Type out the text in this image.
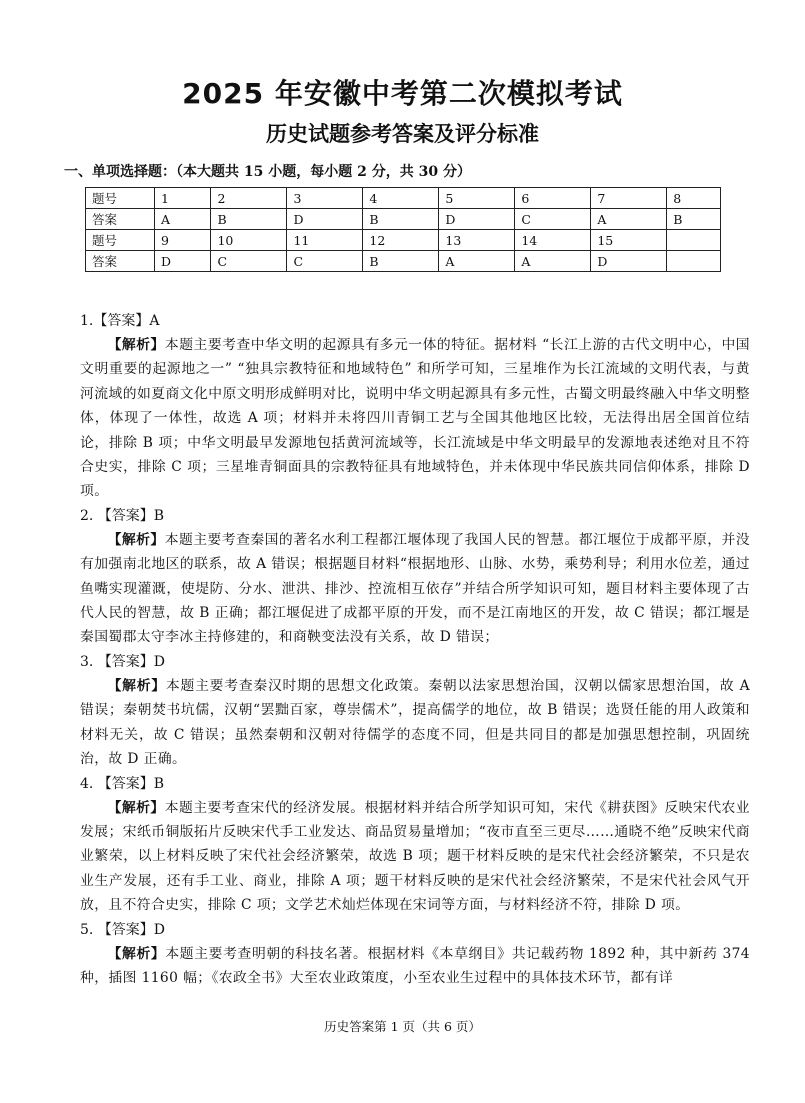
2025 年安徽中考第二次模拟考试
历史试题参考答案及评分标准
一、单项选择题：（本大题共 15 小题，每小题 2 分，共 30 分）
题号	1	2	3	4	5	6	7	8
答案	A	B	D	B	D	C	A	B
题号	9	10	11	12	13	14	15	
答案	D	C	C	B	A	A	D	

1.【答案】A

【解析】本题主要考查中华文明的起源具有多元一体的特征。据材料 “长江上游的古代文明中心，中国文明重要的起源地之一” “独具宗教特征和地域特色” 和所学可知，三星堆作为长江流域的文明代表，与黄河流域的如夏商文化中原文明形成鲜明对比，说明中华文明起源具有多元性，古蜀文明最终融入中华文明整体，体现了一体性，故选 A 项；材料并未将四川青铜工艺与全国其他地区比较，无法得出居全国首位结论，排除 B 项；中华文明最早发源地包括黄河流域等，长江流域是中华文明最早的发源地表述绝对且不符合史实，排除 C 项；三星堆青铜面具的宗教特征具有地域特色，并未体现中华民族共同信仰体系，排除 D 项。

2. 【答案】B

【解析】本题主要考查秦国的著名水利工程都江堰体现了我国人民的智慧。都江堰位于成都平原，并没有加强南北地区的联系，故 A 错误；根据题目材料“根据地形、山脉、水势，乘势利导；利用水位差，通过鱼嘴实现灌溉，使堤防、分水、泄洪、排沙、控流相互依存”并结合所学知识可知，题目材料主要体现了古代人民的智慧，故 B 正确；都江堰促进了成都平原的开发，而不是江南地区的开发，故 C 错误；都江堰是秦国蜀郡太守李冰主持修建的，和商鞅变法没有关系，故 D 错误；

3. 【答案】D

【解析】本题主要考查秦汉时期的思想文化政策。秦朝以法家思想治国，汉朝以儒家思想治国，故 A 错误；秦朝焚书坑儒，汉朝“罢黜百家，尊崇儒术”，提高儒学的地位，故 B 错误；选贤任能的用人政策和材料无关，故 C 错误；虽然秦朝和汉朝对待儒学的态度不同，但是共同目的都是加强思想控制，巩固统治，故 D 正确。

4. 【答案】B

【解析】本题主要考查宋代的经济发展。根据材料并结合所学知识可知，宋代《耕获图》反映宋代农业发展；宋纸币铜版拓片反映宋代手工业发达、商品贸易量增加；“夜市直至三更尽……通晓不绝”反映宋代商业繁荣，以上材料反映了宋代社会经济繁荣，故选 B 项；题干材料反映的是宋代社会经济繁荣，不只是农业生产发展，还有手工业、商业，排除 A 项；题干材料反映的是宋代社会经济繁荣，不是宋代社会风气开放，且不符合史实，排除 C 项；文学艺术灿烂体现在宋词等方面，与材料经济不符，排除 D 项。

5. 【答案】D

【解析】本题主要考查明朝的科技名著。根据材料《本草纲目》共记载药物 1892 种，其中新药 374 种，插图 1160 幅；《农政全书》大至农业政策度，小至农业生过程中的具体技术环节，都有详

历史答案第 1 页（共 6 页）
